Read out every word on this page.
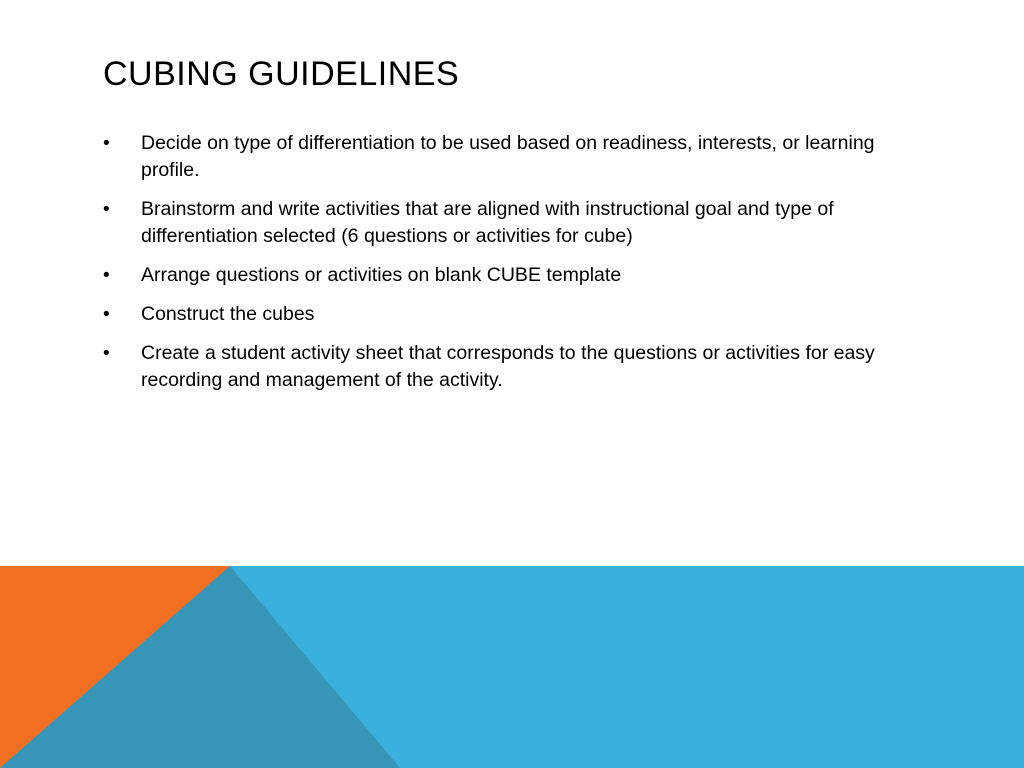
CUBING GUIDELINES
•	Decide on type of differentiation to be used based on readiness, interests, or learning profile.
•	Brainstorm and write activities that are aligned with instructional goal and type of differentiation selected (6 questions or activities for cube)
•	Arrange questions or activities on blank CUBE template
•	Construct the cubes
•	Create a student activity sheet that corresponds to the questions or activities for easy recording and management of the activity.
